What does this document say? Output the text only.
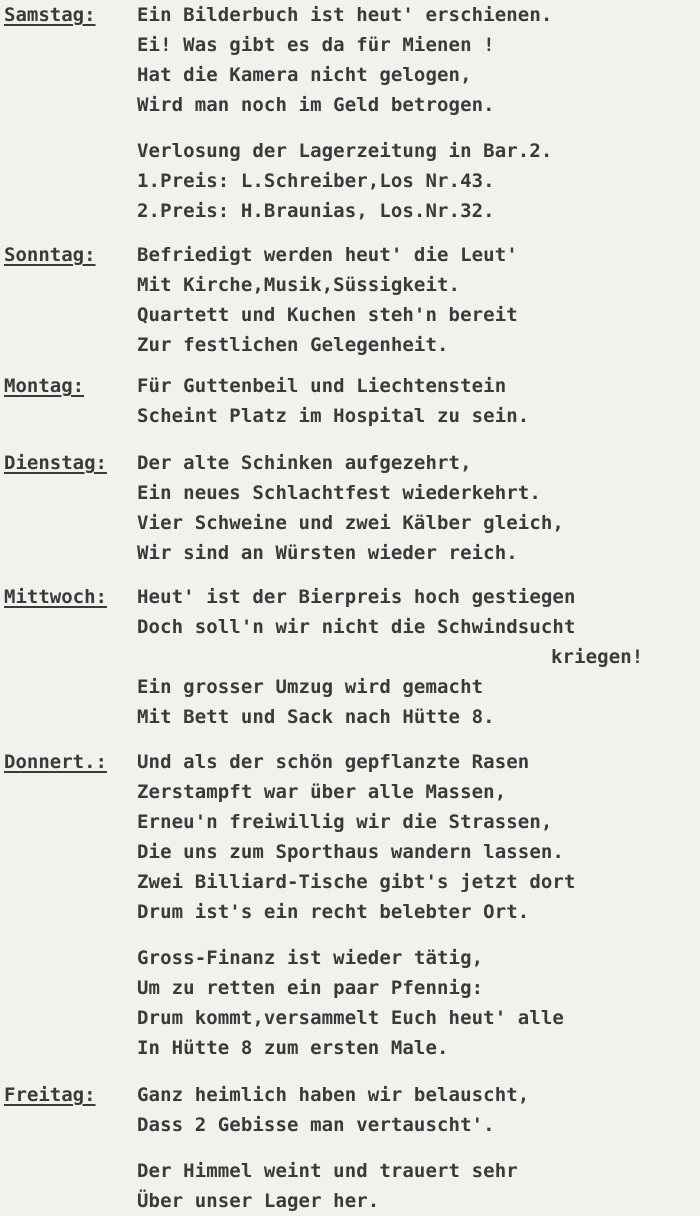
Samstag: Ein Bilderbuch ist heut' erschienen.
Ei! Was gibt es da für Mienen !
Hat die Kamera nicht gelogen,
Wird man noch im Geld betrogen.
Verlosung der Lagerzeitung in Bar.2.
1.Preis: L.Schreiber,Los Nr.43.
2.Preis: H.Braunias, Los.Nr.32.
Sonntag: Befriedigt werden heut' die Leut'
Mit Kirche,Musik,Süssigkeit.
Quartett und Kuchen steh'n bereit
Zur festlichen Gelegenheit.
Montag:	Für Guttenbeil und Liechtenstein
Scheint Platz im Hospital zu sein.
Dienstag: Der alte Schinken aufgezehrt,
Ein neues Schlachtfest wiederkehrt.
Vier Schweine und zwei Kälber gleich,
Wir sind an Würsten wieder reich.
Mittwoch: Heut' ist der Bierpreis hoch gestiegen
Doch soll'n wir nicht die Schwindsucht
kriegen!
Ein grosser Umzug wird gemacht
Mit Bett und Sack nach Hütte 8.
Donnert.: Und als der schön gepflanzte Rasen
Zerstampft war über alle Massen,
Erneu'n freiwillig wir die Strassen,
Die uns zum Sporthaus wandern lassen.
Zwei Billiard-Tische gibt's jetzt dort
Drum ist's ein recht belebter Ort.
Gross-Finanz ist wieder tätig,
Um zu retten ein paar Pfennig:
Drum kommt,versammelt Euch heut' alle
In Hütte 8 zum ersten Male.
Freitag: Ganz heimlich haben wir belauscht,
Dass 2 Gebisse man vertauscht'.
Der Himmel weint und trauert sehr
Über unser Lager her.
